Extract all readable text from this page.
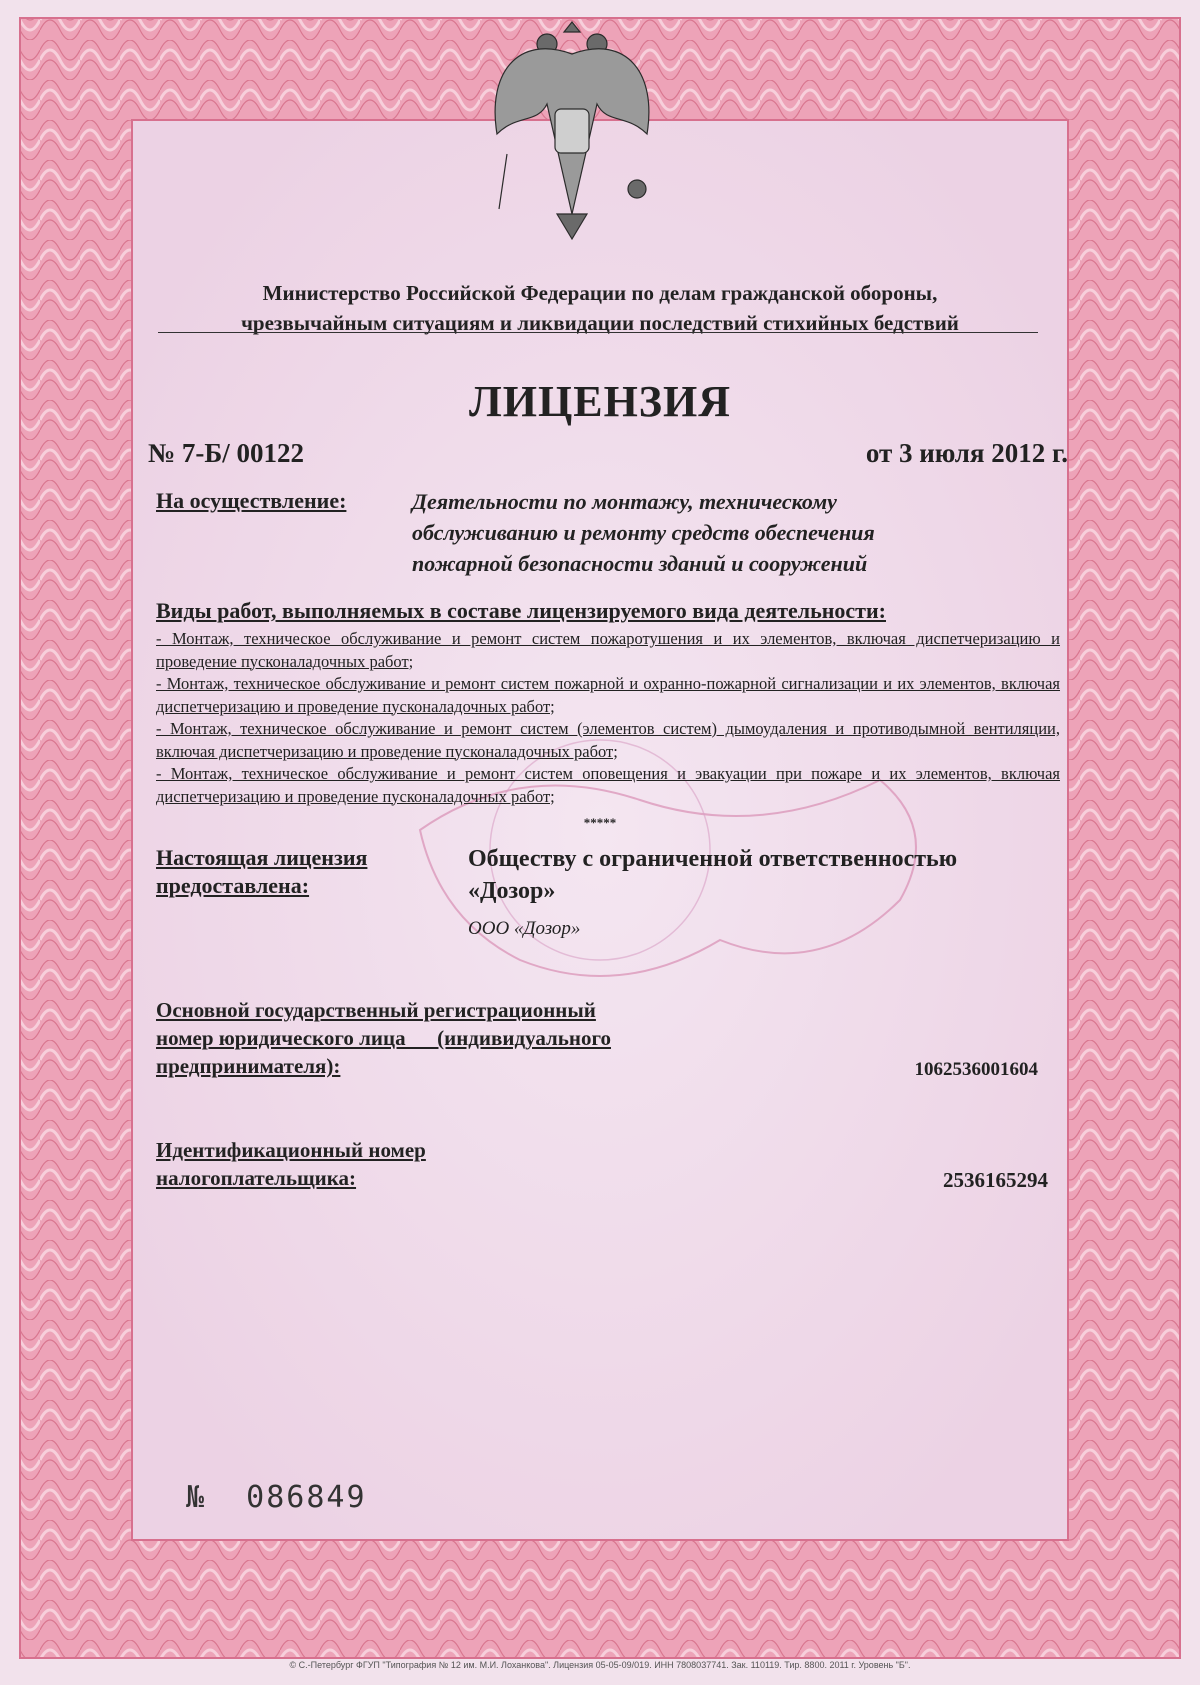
Министерство Российской Федерации по делам гражданской обороны,
чрезвычайным ситуациям и ликвидации последствий стихийных бедствий
ЛИЦЕНЗИЯ
№ 7-Б/ 00122	от 3 июля 2012 г.
На осуществление:	Деятельности по монтажу, техническому
обслуживанию и ремонту средств обеспечения
пожарной безопасности зданий и сооружений
Виды работ, выполняемых в составе лицензируемого вида деятельности:
- Монтаж, техническое обслуживание и ремонт систем пожаротушения и их элементов, включая диспетчеризацию и проведение пусконаладочных работ;
- Монтаж, техническое обслуживание и ремонт систем пожарной и охранно-пожарной сигнализации и их элементов, включая диспетчеризацию и проведение пусконаладочных работ;
- Монтаж, техническое обслуживание и ремонт систем (элементов систем) дымоудаления и противодымной вентиляции, включая диспетчеризацию и проведение пусконаладочных работ;
- Монтаж, техническое обслуживание и ремонт систем оповещения и эвакуации при пожаре и их элементов, включая диспетчеризацию и проведение пусконаладочных работ;
*****
Настоящая лицензия
предоставлена:
Обществу с ограниченной ответственностью
«Дозор»
ООО «Дозор»
Основной государственный регистрационный
номер юридического лица      (индивидуального
предпринимателя):	1062536001604
Идентификационный номер
налогоплательщика:	2536165294
№  086849
© С.-Петербург ФГУП "Типография № 12 им. М.И. Лоханкова". Лицензия 05-05-09/019. ИНН 7808037741. Зак. 110119. Тир. 8800. 2011 г. Уровень "Б".
